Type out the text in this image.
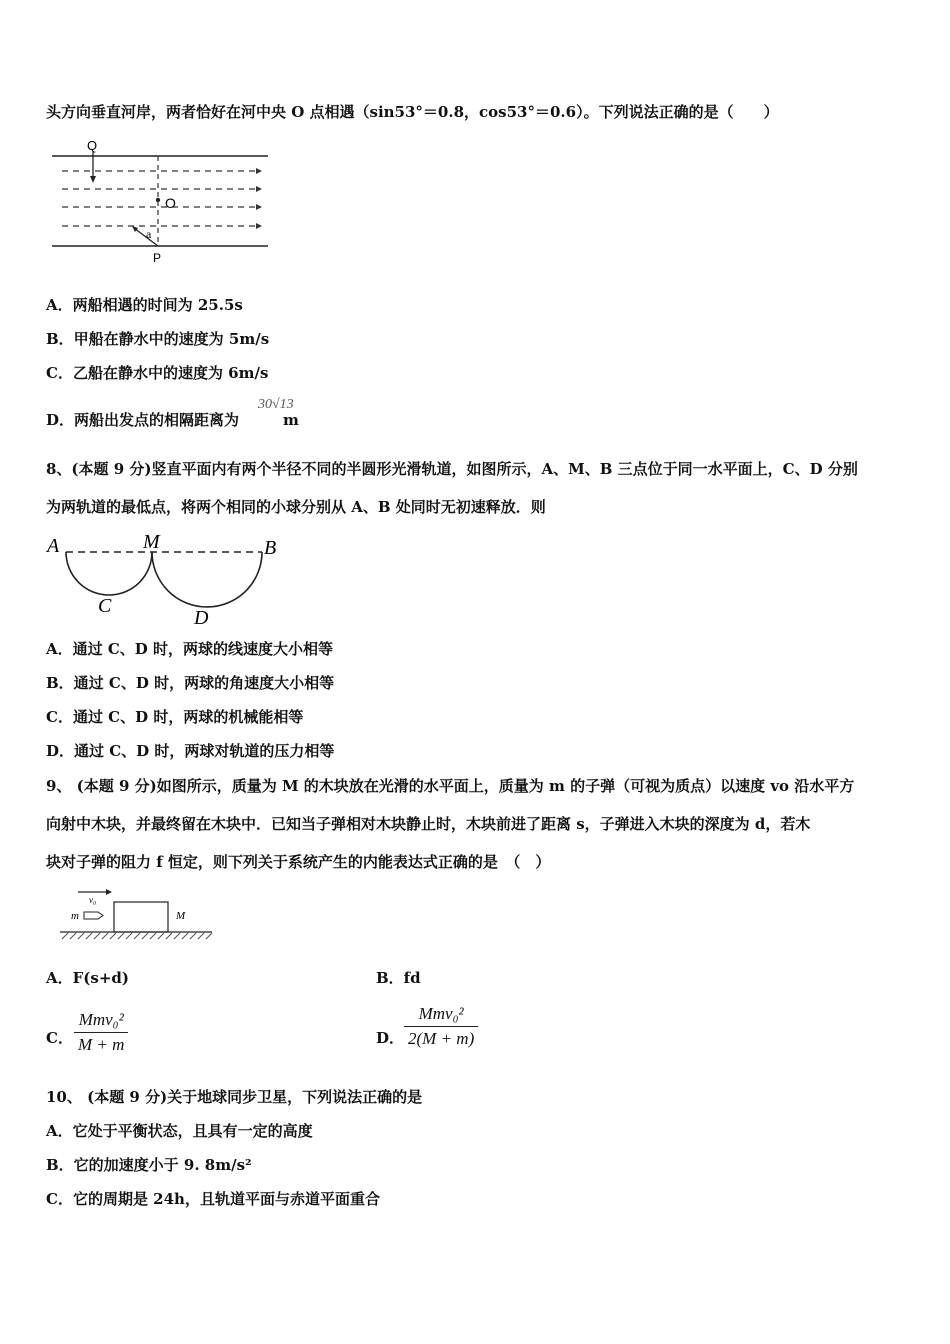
头方向垂直河岸，两者恰好在河中央 O 点相遇（sin53°＝0.8，cos53°＝0.6）。下列说法正确的是（　　）
Q
O
a
P
A．两船相遇的时间为 25.5s
B．甲船在静水中的速度为 5m/s
C．乙船在静水中的速度为 6m/s
D．两船出发点的相隔距离为	m
30√13
8、(本题 9 分)竖直平面内有两个半径不同的半圆形光滑轨道，如图所示，A、M、B 三点位于同一水平面上，C、D 分别
为两轨道的最低点，将两个相同的小球分别从 A、B 处同时无初速释放．则
A	M	B
C
D
A．通过 C、D 时，两球的线速度大小相等
B．通过 C、D 时，两球的角速度大小相等
C．通过 C、D 时，两球的机械能相等
D．通过 C、D 时，两球对轨道的压力相等
9、 (本题 9 分)如图所示，质量为 M 的木块放在光滑的水平面上，质量为 m 的子弹（可视为质点）以速度 vo 沿水平方
向射中木块，并最终留在木块中．已知当子弹相对木块静止时，木块前进了距离 s，子弹进入木块的深度为 d，若木
块对子弹的阻力 f 恒定，则下列关于系统产生的内能表达式正确的是　（　）
v₀
m	M
A．F(s+d)	B．fd
C．
Mmv₀²
M + m	D．
Mmv₀²
2(M + m)
10、 (本题 9 分)关于地球同步卫星，下列说法正确的是
A．它处于平衡状态，且具有一定的高度
B．它的加速度小于 9. 8m/s²
C．它的周期是 24h，且轨道平面与赤道平面重合
